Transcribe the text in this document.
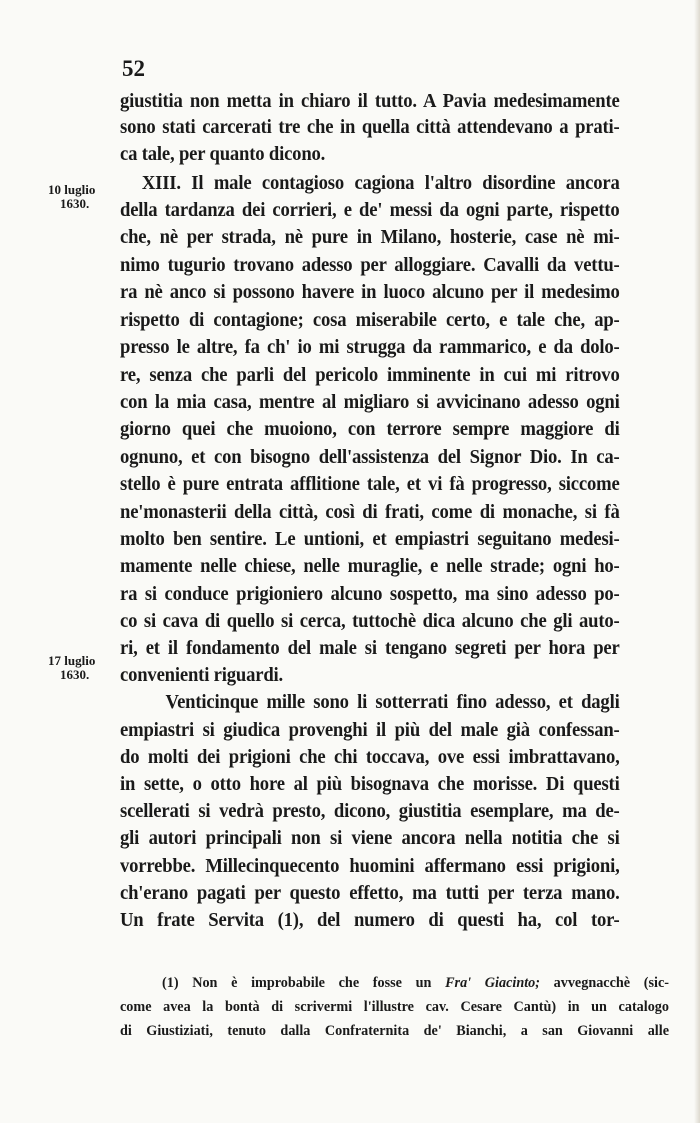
52
10 luglio
1630.
17 luglio
1630.
giustitia non metta in chiaro il tutto. A Pavia medesimamente
sono stati carcerati tre che in quella città attendevano a prati-
ca tale, per quanto dicono.
XIII. Il male contagioso cagiona l'altro disordine ancora
della tardanza dei corrieri, e de' messi da ogni parte, rispetto
che, nè per strada, nè pure in Milano, hosterie, case nè mi-
nimo tugurio trovano adesso per alloggiare. Cavalli da vettu-
ra nè anco si possono havere in luoco alcuno per il medesimo
rispetto di contagione; cosa miserabile certo, e tale che, ap-
presso le altre, fa ch' io mi strugga da rammarico, e da dolo-
re, senza che parli del pericolo imminente in cui mi ritrovo
con la mia casa, mentre al migliaro si avvicinano adesso ogni
giorno quei che muoiono, con terrore sempre maggiore di
ognuno, et con bisogno dell'assistenza del Signor Dio. In ca-
stello è pure entrata afflitione tale, et vi fà progresso, siccome
ne'monasterii della città, così di frati, come di monache, si fà
molto ben sentire. Le untioni, et empiastri seguitano medesi-
mamente nelle chiese, nelle muraglie, e nelle strade; ogni ho-
ra si conduce prigioniero alcuno sospetto, ma sino adesso po-
co si cava di quello si cerca, tuttochè dica alcuno che gli auto-
ri, et il fondamento del male si tengano segreti per hora per
convenienti riguardi.
Venticinque mille sono li sotterrati fino adesso, et dagli
empiastri si giudica provenghi il più del male già confessan-
do molti dei prigioni che chi toccava, ove essi imbrattavano,
in sette, o otto hore al più bisognava che morisse. Di questi
scellerati si vedrà presto, dicono, giustitia esemplare, ma de-
gli autori principali non si viene ancora nella notitia che si
vorrebbe. Millecinquecento huomini affermano essi prigioni,
ch'erano pagati per questo effetto, ma tutti per terza mano.
Un frate Servita (1), del numero di questi ha, col tor-
(1) Non è improbabile che fosse un Fra' Giacinto; avvegnacchè (sic-
come avea la bontà di scrivermi l'illustre cav. Cesare Cantù) in un catalogo
di Giustiziati, tenuto dalla Confraternita de' Bianchi, a san Giovanni alle
